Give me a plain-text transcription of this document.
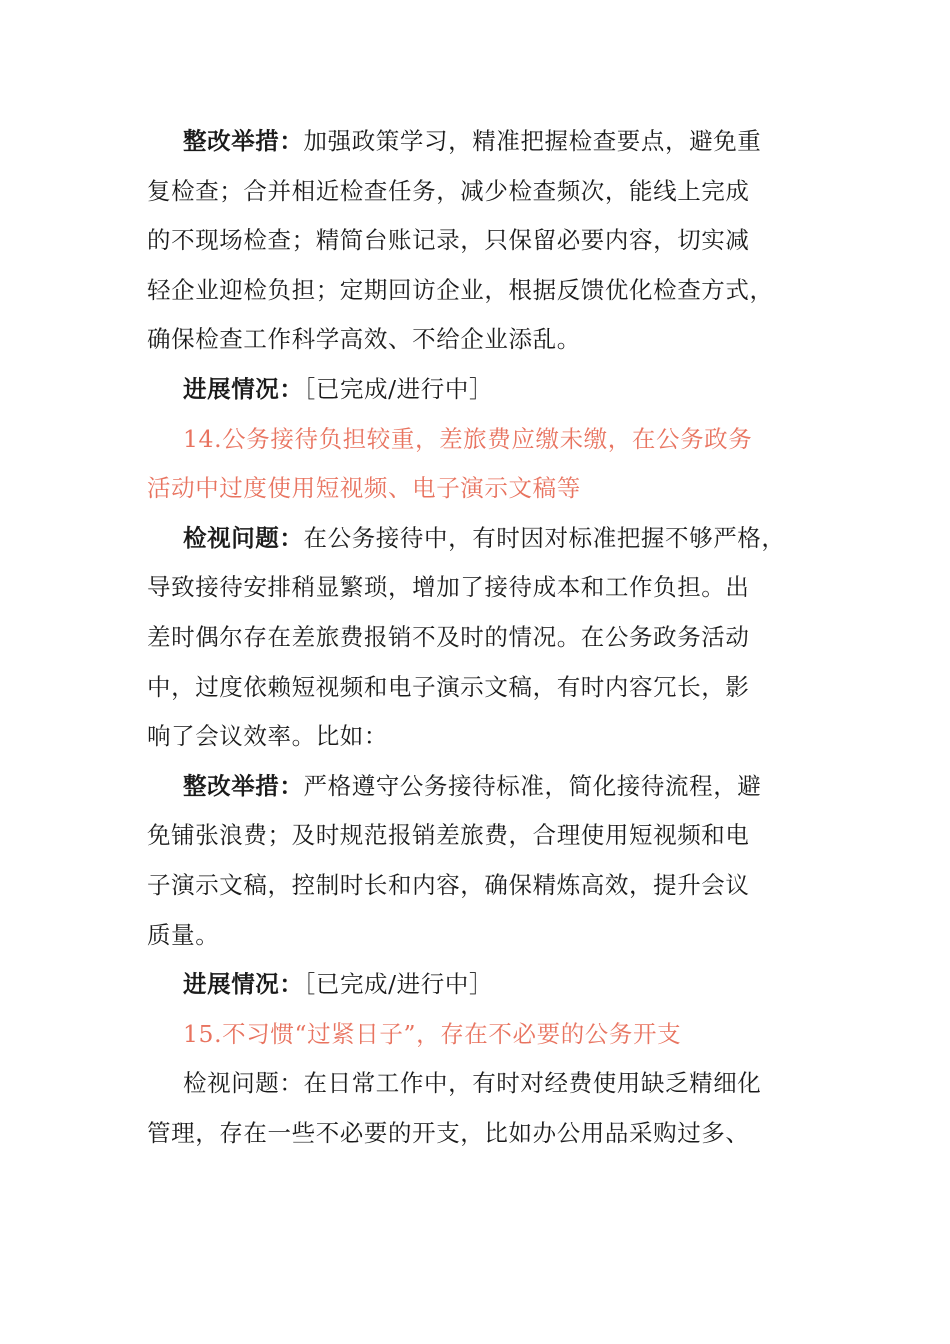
整改举措：加强政策学习，精准把握检查要点，避免重
复检查；合并相近检查任务，减少检查频次，能线上完成
的不现场检查；精简台账记录，只保留必要内容，切实减
轻企业迎检负担；定期回访企业，根据反馈优化检查方式，
确保检查工作科学高效、不给企业添乱。
进展情况：［已完成/进行中］
14.公务接待负担较重，差旅费应缴未缴，在公务政务
活动中过度使用短视频、电子演示文稿等
检视问题：在公务接待中，有时因对标准把握不够严格，
导致接待安排稍显繁琐，增加了接待成本和工作负担。出
差时偶尔存在差旅费报销不及时的情况。在公务政务活动
中，过度依赖短视频和电子演示文稿，有时内容冗长，影
响了会议效率。比如：
整改举措：严格遵守公务接待标准，简化接待流程，避
免铺张浪费；及时规范报销差旅费，合理使用短视频和电
子演示文稿，控制时长和内容，确保精炼高效，提升会议
质量。
进展情况：［已完成/进行中］
15.不习惯“过紧日子”，存在不必要的公务开支
检视问题：在日常工作中，有时对经费使用缺乏精细化
管理，存在一些不必要的开支，比如办公用品采购过多、
